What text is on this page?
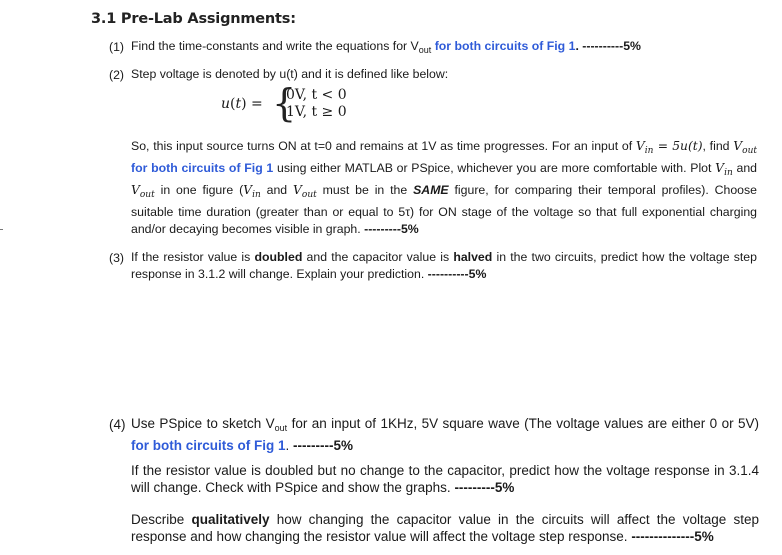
3.1 Pre-Lab Assignments:
(1) Find the time-constants and write the equations for $V_{out}$ for both circuits of Fig 1. ----------5%
(2) Step voltage is denoted by u(t) and it is defined like below:
u(t) = {
0V, t < 0
1V, t ≥ 0
So, this input source turns ON at t=0 and remains at 1V as time progresses. For an input of $V_{in} = 5u(t)$, find $V_{out}$ for both circuits of Fig 1 using either MATLAB or PSpice, whichever you are more comfortable with. Plot $V_{in}$ and $V_{out}$ in one figure ($V_{in}$ and $V_{out}$ must be in the SAME figure, for comparing their temporal profiles). Choose suitable time duration (greater than or equal to 5τ) for ON stage of the voltage so that full exponential charging and/or decaying becomes visible in graph. ---------5%
(3) If the resistor value is doubled and the capacitor value is halved in the two circuits, predict how the voltage step response in 3.1.2 will change. Explain your prediction. ----------5%
(4) Use PSpice to sketch $V_{out}$ for an input of 1KHz, 5V square wave (The voltage values are either 0 or 5V) for both circuits of Fig 1. ---------5%
If the resistor value is doubled but no change to the capacitor, predict how the voltage response in 3.1.4 will change. Check with PSpice and show the graphs. ---------5%
Describe qualitatively how changing the capacitor value in the circuits will affect the voltage step response and how changing the resistor value will affect the voltage step response. --------------5%
